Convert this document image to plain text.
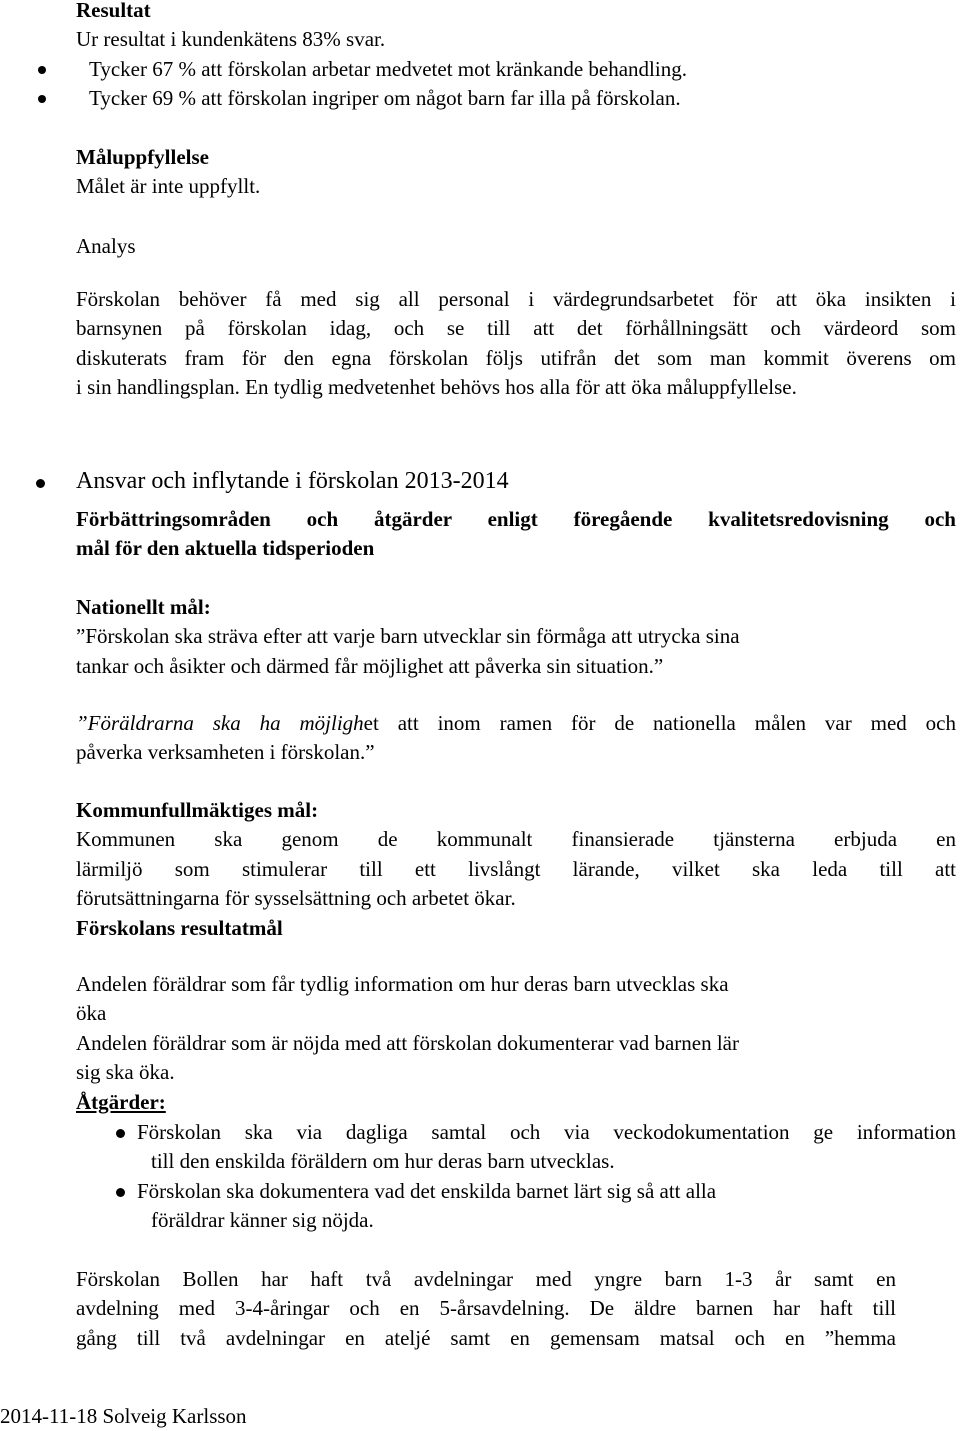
Resultat
Ur resultat i kundenkätens 83% svar.
Tycker 67 % att förskolan arbetar medvetet mot kränkande behandling.
Tycker 69 % att förskolan ingriper om något barn far illa på förskolan.
Måluppfyllelse
Målet är inte uppfyllt.
Analys
Förskolan behöver få med sig all personal i värdegrundsarbetet för att öka insikten i
barnsynen på förskolan idag, och se till att det förhållningsätt och värdeord som
diskuterats fram för den egna förskolan följs utifrån det som man kommit överens om
i sin handlingsplan. En tydlig medvetenhet behövs hos alla för att öka måluppfyllelse.
Ansvar och inflytande i förskolan 2013-2014
Förbättringsområden och åtgärder enligt föregående kvalitetsredovisning och
mål för den aktuella tidsperioden
Nationellt mål:
”Förskolan ska sträva efter att varje barn utvecklar sin förmåga att utrycka sina
tankar och åsikter och därmed får möjlighet att påverka sin situation.”
”Föräldrarna ska ha möjlighet att inom ramen för de nationella målen var med och
påverka verksamheten i förskolan.”
Kommunfullmäktiges mål:
Kommunen ska genom de kommunalt finansierade tjänsterna erbjuda en
lärmiljö som stimulerar till ett livslångt lärande, vilket ska leda till att
förutsättningarna för sysselsättning och arbetet ökar.
Förskolans resultatmål
Andelen föräldrar som får tydlig information om hur deras barn utvecklas ska
öka
Andelen föräldrar som är nöjda med att förskolan dokumenterar vad barnen lär
sig ska öka.
Åtgärder:
Förskolan ska via dagliga samtal och via veckodokumentation ge information
till den enskilda föräldern om hur deras barn utvecklas.
Förskolan ska dokumentera vad det enskilda barnet lärt sig så att alla
föräldrar känner sig nöjda.
Förskolan Bollen har haft två avdelningar med yngre barn 1-3 år samt en
avdelning med 3-4-åringar och en 5-årsavdelning. De äldre barnen har haft till
gång till två avdelningar en ateljé samt en gemensam matsal och en ”hemma
2014-11-18 Solveig Karlsson
